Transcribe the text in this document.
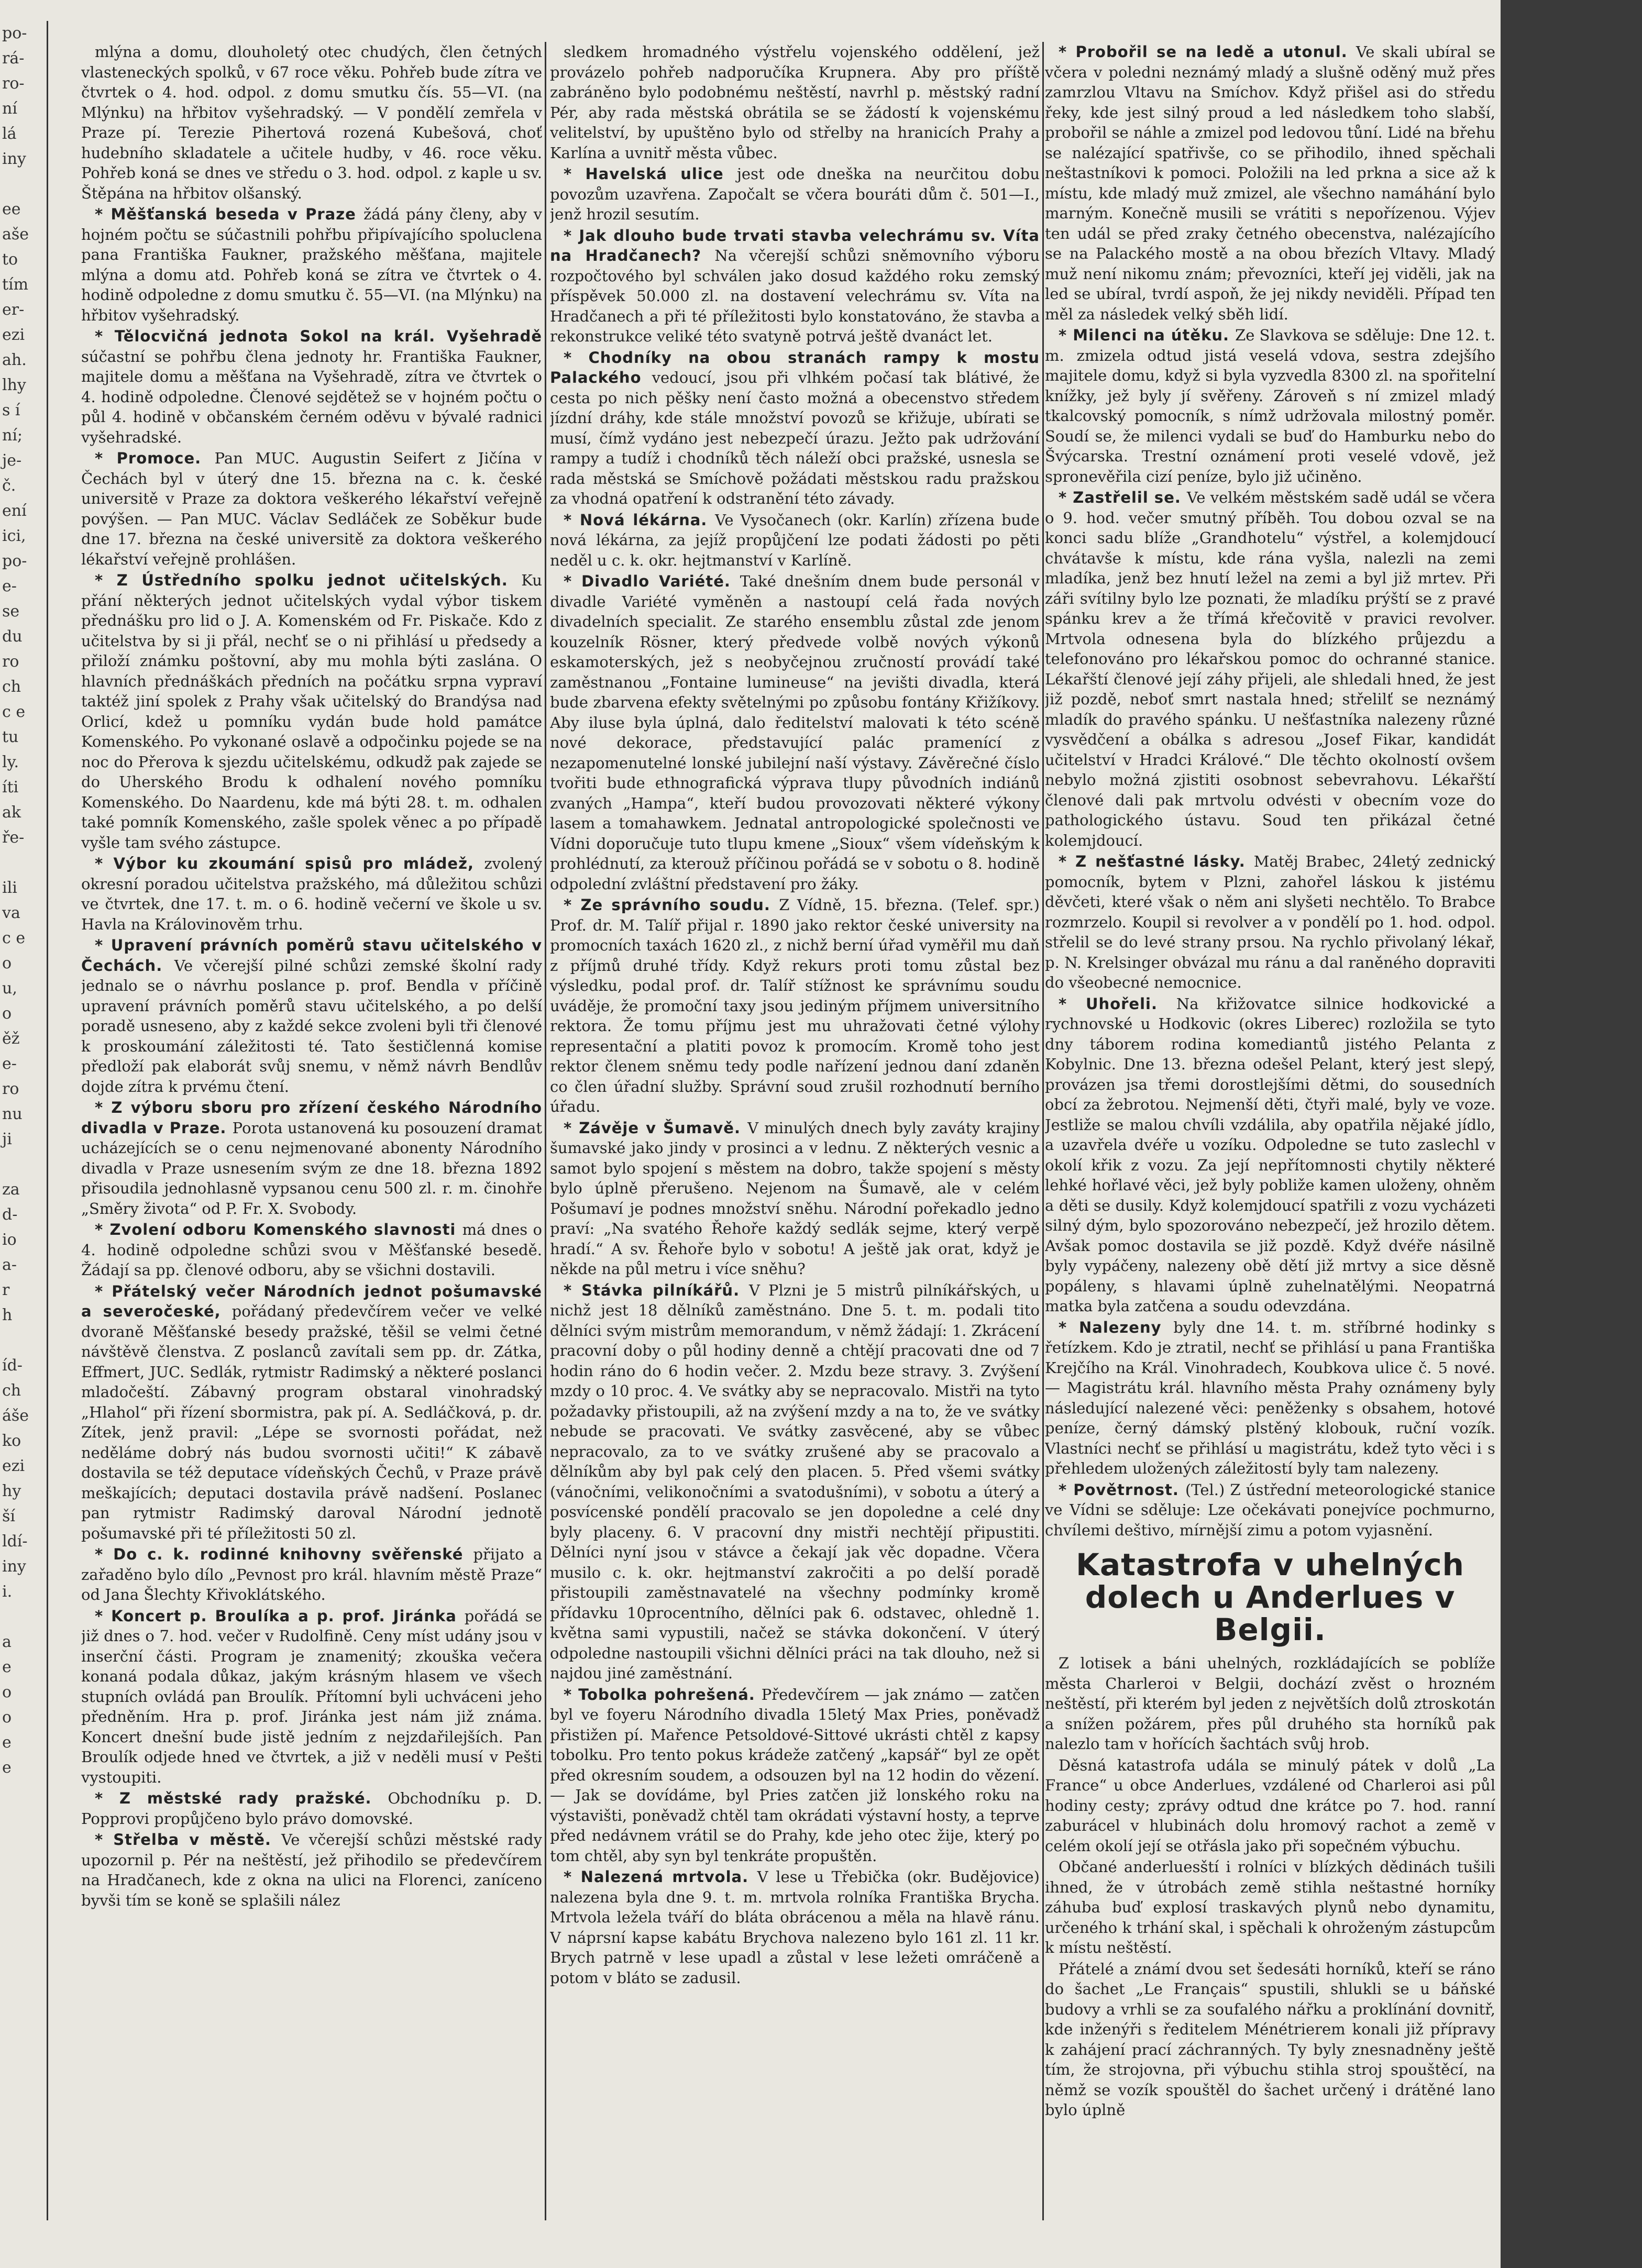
po-
rá-
ro-
ní
lá
iny

ee
aše
to
tím
er-
ezi
ah.
lhy
s í
ní;
je-
č.
ení
ici,
po-
e-
se
du
ro
ch
c e
tu
ly.
íti
ak
ře-

ili
va
c e
o
u,
o
ěž
e-
ro
nu
ji

za
d-
io
a-
r
h

íd-
ch
áše
ko
ezi
hy
ší
ldí-
iny
i.

a
e
o
o
e
e

mlýna a domu, dlouholetý otec chudých, člen četných vlasteneckých spolků, v 67 roce věku. Pohřeb bude zítra ve čtvrtek o 4. hod. odpol. z domu smutku čís. 55—VI. (na Mlýnku) na hřbitov vyšehradský. — V pondělí zemřela v Praze pí. Terezie Pihertová rozená Kubešová, choť hudebního skladatele a učitele hudby, v 46. roce věku. Pohřeb koná se dnes ve středu o 3. hod. odpol. z kaple u sv. Štěpána na hřbitov olšanský.

* Měšťanská beseda v Praze žádá pány členy, aby v hojném počtu se súčastnili pohřbu připívajícího spoluclena pana Františka Faukner, pražského měšťana, majitele mlýna a domu atd. Pohřeb koná se zítra ve čtvrtek o 4. hodině odpoledne z domu smutku č. 55—VI. (na Mlýnku) na hřbitov vyšehradský.

* Tělocvičná jednota Sokol na král. Vyšehradě súčastní se pohřbu člena jednoty hr. Františka Faukner, majitele domu a měšťana na Vyšehradě, zítra ve čtvrtek o 4. hodině odpoledne. Členové sejdětež se v hojném počtu o půl 4. hodině v občanském černém oděvu v bývalé radnici vyšehradské.

* Promoce. Pan MUC. Augustin Seifert z Jičína v Čechách byl v úterý dne 15. března na c. k. české universitě v Praze za doktora veškerého lékařství veřejně povýšen. — Pan MUC. Václav Sedláček ze Soběkur bude dne 17. března na české universitě za doktora veškerého lékařství veřejně prohlášen.

* Z Ústředního spolku jednot učitelských. Ku přání některých jednot učitelských vydal výbor tiskem přednášku pro lid o J. A. Komenském od Fr. Piskače. Kdo z učitelstva by si ji přál, nechť se o ni přihlásí u předsedy a přiloží známku poštovní, aby mu mohla býti zaslána. O hlavních přednáškách předních na počátku srpna vypraví taktéž jiní spolek z Prahy však učitelský do Brandýsa nad Orlicí, kdež u pomníku vydán bude hold památce Komenského. Po vykonané oslavě a odpočinku pojede se na noc do Přerova k sjezdu učitelskému, odkudž pak zajede se do Uherského Brodu k odhalení nového pomníku Komenského. Do Naardenu, kde má býti 28. t. m. odhalen také pomník Komenského, zašle spolek věnec a po případě vyšle tam svého zástupce.

* Výbor ku zkoumání spisů pro mládež, zvolený okresní poradou učitelstva pražského, má důležitou schůzi ve čtvrtek, dne 17. t. m. o 6. hodině večerní ve škole u sv. Havla na Královinověm trhu.

* Upravení právních poměrů stavu učitelského v Čechách. Ve včerejší pilné schůzi zemské školní rady jednalo se o návrhu poslance p. prof. Bendla v příčině upravení právních poměrů stavu učitelského, a po delší poradě usneseno, aby z každé sekce zvoleni byli tři členové k proskoumání záležitosti té. Tato šestičlenná komise předloží pak elaborát svůj snemu, v němž návrh Bendlův dojde zítra k prvému čtení.

* Z výboru sboru pro zřízení českého Národního divadla v Praze. Porota ustanovená ku posouzení dramat ucházejících se o cenu nejmenované abonenty Národního divadla v Praze usnesením svým ze dne 18. března 1892 přisoudila jednohlasně vypsanou cenu 500 zl. r. m. činohře „Směry života“ od P. Fr. X. Svobody.

* Zvolení odboru Komenského slavnosti má dnes o 4. hodině odpoledne schůzi svou v Měšťanské besedě. Žádají sa pp. členové odboru, aby se všichni dostavili.

* Přátelský večer Národních jednot pošumavské a severočeské, pořádaný předevčírem večer ve velké dvoraně Měšťanské besedy pražské, těšil se velmi četné návštěvě členstva. Z poslanců zavítali sem pp. dr. Zátka, Effmert, JUC. Sedlák, rytmistr Radimský a některé poslanci mladočeští. Zábavný program obstaral vinohradský „Hlahol“ při řízení sbormistra, pak pí. A. Sedláčková, p. dr. Zítek, jenž pravil: „Lépe se svornosti pořádat, než neděláme dobrý nás budou svornosti učiti!“ K zábavě dostavila se též deputace vídeňských Čechů, v Praze právě meškajících; deputaci dostavila právě nadšení. Poslanec pan rytmistr Radimský daroval Národní jednotě pošumavské při té příležitosti 50 zl.

* Do c. k. rodinné knihovny svěřenské přijato a zařaděno bylo dílo „Pevnost pro král. hlavním městě Praze“ od Jana Šlechty Křivoklátského.

* Koncert p. Broulíka a p. prof. Jiránka pořádá se již dnes o 7. hod. večer v Rudolfině. Ceny míst udány jsou v inserční části. Program je znamenitý; zkouška večera konaná podala důkaz, jakým krásným hlasem ve všech stupních ovládá pan Broulík. Přítomní byli uchváceni jeho předněním. Hra p. prof. Jiránka jest nám již známa. Koncert dnešní bude jistě jedním z nejzdařilejších. Pan Broulík odjede hned ve čtvrtek, a již v neděli musí v Pešti vystoupiti.

* Z městské rady pražské. Obchodníku p. D. Popprovi propůjčeno bylo právo domovské.

* Střelba v městě. Ve včerejší schůzi městské rady upozornil p. Pér na neštěstí, jež přihodilo se předevčírem na Hradčanech, kde z okna na ulici na Florenci, zaníceno byvši tím se koně se splašili nález

sledkem hromadného výstřelu vojenského oddělení, jež provázelo pohřeb nadporučíka Krupnera. Aby pro příště zabráněno bylo podobnému neštěstí, navrhl p. městský radní Pér, aby rada městská obrátila se se žádostí k vojenskému velitelství, by upuštěno bylo od střelby na hranicích Prahy a Karlína a uvnitř města vůbec.

* Havelská ulice jest ode dneška na neurčitou dobu povozům uzavřena. Započalt se včera bouráti dům č. 501—I., jenž hrozil sesutím.

* Jak dlouho bude trvati stavba velechrámu sv. Víta na Hradčanech? Na včerejší schůzi sněmovního výboru rozpočtového byl schválen jako dosud každého roku zemský příspěvek 50.000 zl. na dostavení velechrámu sv. Víta na Hradčanech a při té příležitosti bylo konstatováno, že stavba a rekonstrukce veliké této svatyně potrvá ještě dvanáct let.

* Chodníky na obou stranách rampy k mostu Palackého vedoucí, jsou při vlhkém počasí tak blátivé, že cesta po nich pěšky není často možná a obecenstvo středem jízdní dráhy, kde stále množství povozů se křižuje, ubírati se musí, čímž vydáno jest nebezpečí úrazu. Ježto pak udržování rampy a tudíž i chodníků těch náleží obci pražské, usnesla se rada městská se Smíchově požádati městskou radu pražskou za vhodná opatření k odstranění této závady.

* Nová lékárna. Ve Vysočanech (okr. Karlín) zřízena bude nová lékárna, za jejíž propůjčení lze podati žádosti po pěti neděl u c. k. okr. hejtmanství v Karlíně.

* Divadlo Variété. Také dnešním dnem bude personál v divadle Variété vyměněn a nastoupí celá řada nových divadelních specialit. Ze starého ensemblu zůstal zde jenom kouzelník Rösner, který předvede volbě nových výkonů eskamoterských, jež s neobyčejnou zručností provádí také zaměstnanou „Fontaine lumineuse“ na jevišti divadla, která bude zbarvena efekty světelnými po způsobu fontány Křižíkovy. Aby iluse byla úplná, dalo ředitelství malovati k této scéně nové dekorace, představující palác pramenící z nezapomenutelné lonské jubilejní naší výstavy. Závěrečné číslo tvořiti bude ethnografická výprava tlupy původních indiánů zvaných „Hampa“, kteří budou provozovati některé výkony lasem a tomahawkem. Jednatal antropologické společnosti ve Vídni doporučuje tuto tlupu kmene „Sioux“ všem vídeňským k prohlédnutí, za kterouž příčinou pořádá se v sobotu o 8. hodině odpolední zvláštní představení pro žáky.

* Ze správního soudu. Z Vídně, 15. března. (Telef. spr.) Prof. dr. M. Talíř přijal r. 1890 jako rektor české university na promocních taxách 1620 zl., z nichž berní úřad vyměřil mu daň z příjmů druhé třídy. Když rekurs proti tomu zůstal bez výsledku, podal prof. dr. Talíř stížnost ke správnímu soudu uváděje, že promoční taxy jsou jediným příjmem universitního rektora. Že tomu příjmu jest mu uhražovati četné výlohy representační a platiti povoz k promocím. Kromě toho jest rektor členem sněmu tedy podle nařízení jednou daní zdaněn co člen úřadní služby. Správní soud zrušil rozhodnutí berního úřadu.

* Závěje v Šumavě. V minulých dnech byly zaváty krajiny šumavské jako jindy v prosinci a v lednu. Z některých vesnic a samot bylo spojení s městem na dobro, takže spojení s městy bylo úplně přerušeno. Nejenom na Šumavě, ale v celém Pošumaví je podnes množství sněhu. Národní pořekadlo jedno praví: „Na svatého Řehoře každý sedlák sejme, který verpě hradí.“ A sv. Řehoře bylo v sobotu! A ještě jak orat, když je někde na půl metru i více sněhu?

* Stávka pilníkářů. V Plzni je 5 mistrů pilníkářských, u nichž jest 18 dělníků zaměstnáno. Dne 5. t. m. podali tito dělníci svým mistrům memorandum, v němž žádají: 1. Zkrácení pracovní doby o půl hodiny denně a chtějí pracovati dne od 7 hodin ráno do 6 hodin večer. 2. Mzdu beze stravy. 3. Zvýšení mzdy o 10 proc. 4. Ve svátky aby se nepracovalo. Mistři na tyto požadavky přistoupili, až na zvýšení mzdy a na to, že ve svátky nebude se pracovati. Ve svátky zasvěcené, aby se vůbec nepracovalo, za to ve svátky zrušené aby se pracovalo a dělníkům aby byl pak celý den placen. 5. Před všemi svátky (vánočními, velikonočními a svatodušními), v sobotu a úterý a posvícenské pondělí pracovalo se jen dopoledne a celé dny byly placeny. 6. V pracovní dny mistři nechtějí připustiti. Dělníci nyní jsou v stávce a čekají jak věc dopadne. Včera musilo c. k. okr. hejtmanství zakročiti a po delší poradě přistoupili zaměstnavatelé na všechny podmínky kromě přídavku 10procentního, dělníci pak 6. odstavec, ohledně 1. května sami vypustili, načež se stávka dokončení. V úterý odpoledne nastoupili všichni dělníci práci na tak dlouho, než si najdou jiné zaměstnání.

* Tobolka pohrešená. Předevčírem — jak známo — zatčen byl ve foyeru Národního divadla 15letý Max Pries, poněvadž přistižen pí. Mařence Petsoldové-Sittové ukrásti chtěl z kapsy tobolku. Pro tento pokus krádeže zatčený „kapsář“ byl ze opět před okresním soudem, a odsouzen byl na 12 hodin do vězení. — Jak se dovídáme, byl Pries zatčen již lonského roku na výstavišti, poněvadž chtěl tam okrádati výstavní hosty, a teprve před nedávnem vrátil se do Prahy, kde jeho otec žije, který po tom chtěl, aby syn byl tenkráte propuštěn.

* Nalezená mrtvola. V lese u Třebička (okr. Budějovice) nalezena byla dne 9. t. m. mrtvola rolníka Františka Brycha. Mrtvola ležela tváří do bláta obrácenou a měla na hlavě ránu. V náprsní kapse kabátu Brychova nalezeno bylo 161 zl. 11 kr. Brych patrně v lese upadl a zůstal v lese ležeti omráčeně a potom v bláto se zadusil.

* Probořil se na ledě a utonul. Ve skali ubíral se včera v poledni neznámý mladý a slušně oděný muž přes zamrzlou Vltavu na Smíchov. Když přišel asi do středu řeky, kde jest silný proud a led následkem toho slabší, probořil se náhle a zmizel pod ledovou tůní. Lidé na břehu se nalézající spatřivše, co se přihodilo, ihned spěchali neštastníkovi k pomoci. Položili na led prkna a sice až k místu, kde mladý muž zmizel, ale všechno namáhání bylo marným. Konečně musili se vrátiti s nepořízenou. Výjev ten udál se před zraky četného obecenstva, nalézajícího se na Palackého mostě a na obou březích Vltavy. Mladý muž není nikomu znám; převozníci, kteří jej viděli, jak na led se ubíral, tvrdí aspoň, že jej nikdy neviděli. Případ ten měl za následek velký sběh lidí.

* Milenci na útěku. Ze Slavkova se sděluje: Dne 12. t. m. zmizela odtud jistá veselá vdova, sestra zdejšího majitele domu, když si byla vyzvedla 8300 zl. na spořitelní knížky, jež byly jí svěřeny. Zároveň s ní zmizel mladý tkalcovský pomocník, s nímž udržovala milostný poměr. Soudí se, že milenci vydali se buď do Hamburku nebo do Švýcarska. Trestní oznámení proti veselé vdově, jež spronevěřila cizí peníze, bylo již učiněno.

* Zastřelil se. Ve velkém městském sadě udál se včera o 9. hod. večer smutný příběh. Tou dobou ozval se na konci sadu blíže „Grandhotelu“ výstřel, a kolemjdoucí chvátavše k místu, kde rána vyšla, nalezli na zemi mladíka, jenž bez hnutí ležel na zemi a byl již mrtev. Při záři svítilny bylo lze poznati, že mladíku prýští se z pravé spánku krev a že třímá křečovitě v pravici revolver. Mrtvola odnesena byla do blízkého průjezdu a telefonováno pro lékařskou pomoc do ochranné stanice. Lékařští členové její záhy přijeli, ale shledali hned, že jest již pozdě, neboť smrt nastala hned; střelilť se neznámý mladík do pravého spánku. U nešťastníka nalezeny různé vysvědčení a obálka s adresou „Josef Fikar, kandidát učitelství v Hradci Králové.“ Dle těchto okolností ovšem nebylo možná zjistiti osobnost sebevrahovu. Lékařští členové dali pak mrtvolu odvésti v obecním voze do pathologického ústavu. Soud ten přikázal četné kolemjdoucí.

* Z nešťastné lásky. Matěj Brabec, 24letý zednický pomocník, bytem v Plzni, zahořel láskou k jistému děvčeti, které však o něm ani slyšeti nechtělo. To Brabce rozmrzelo. Koupil si revolver a v pondělí po 1. hod. odpol. střelil se do levé strany prsou. Na rychlo přivolaný lékař, p. N. Krelsinger obvázal mu ránu a dal raněného dopraviti do všeobecné nemocnice.

* Uhořeli. Na křižovatce silnice hodkovické a rychnovské u Hodkovic (okres Liberec) rozložila se tyto dny táborem rodina komediantů jistého Pelanta z Kobylnic. Dne 13. března odešel Pelant, který jest slepý, provázen jsa třemi dorostlejšími dětmi, do sousedních obcí za žebrotou. Nejmenší děti, čtyři malé, byly ve voze. Jestliže se malou chvíli vzdálila, aby opatřila nějaké jídlo, a uzavřela dvéře u vozíku. Odpoledne se tuto zaslechl v okolí křik z vozu. Za její nepřítomnosti chytily některé lehké hořlavé věci, jež byly pobliže kamen uloženy, ohněm a děti se dusily. Když kolemjdoucí spatřili z vozu vycházeti silný dým, bylo spozorováno nebezpečí, jež hrozilo dětem. Avšak pomoc dostavila se již pozdě. Když dvéře násilně byly vypáčeny, nalezeny obě dětí již mrtvy a sice děsně popáleny, s hlavami úplně zuhelnatělými. Neopatrná matka byla zatčena a soudu odevzdána.

* Nalezeny byly dne 14. t. m. stříbrné hodinky s řetízkem. Kdo je ztratil, nechť se přihlásí u pana Františka Krejčího na Král. Vinohradech, Koubkova ulice č. 5 nové. — Magistrátu král. hlavního města Prahy oznámeny byly následující nalezené věci: peněženky s obsahem, hotové peníze, černý dámský plstěný klobouk, ruční vozík. Vlastníci nechť se přihlásí u magistrátu, kdež tyto věci i s přehledem uložených záležitostí byly tam nalezeny.

* Povětrnost. (Tel.) Z ústřední meteorologické stanice ve Vídni se sděluje: Lze očekávati ponejvíce pochmurno, chvílemi deštivo, mírnější zimu a potom vyjasnění.

Katastrofa v uhelných dolech u Anderlues v Belgii.

Z lotisek a báni uhelných, rozkládajících se poblíže města Charleroi v Belgii, dochází zvěst o hrozném neštěstí, při kterém byl jeden z největších dolů ztroskotán a snížen požárem, přes půl druhého sta horníků pak nalezlo tam v hořících šachtách svůj hrob.

Děsná katastrofa udála se minulý pátek v dolů „La France“ u obce Anderlues, vzdálené od Charleroi asi půl hodiny cesty; zprávy odtud dne krátce po 7. hod. ranní zaburácel v hlubinách dolu hromový rachot a země v celém okolí její se otřásla jako při sopečném výbuchu.

Občané anderluesští i rolníci v blízkých dědinách tušili ihned, že v útrobách země stihla neštastné horníky záhuba buď explosí traskavých plynů nebo dynamitu, určeného k trhání skal, i spěchali k ohroženým zástupcům k místu neštěstí.

Přátelé a známí dvou set šedesáti horníků, kteří se ráno do šachet „Le Français“ spustili, shlukli se u báňské budovy a vrhli se za soufalého nářku a proklínání dovnitř, kde inženýři s ředitelem Ménétrierem konali již přípravy k zahájení prací záchranných. Ty byly znesnadněny ještě tím, že strojovna, při výbuchu stihla stroj spouštěcí, na němž se vozík spouštěl do šachet určený i drátěné lano bylo úplně
